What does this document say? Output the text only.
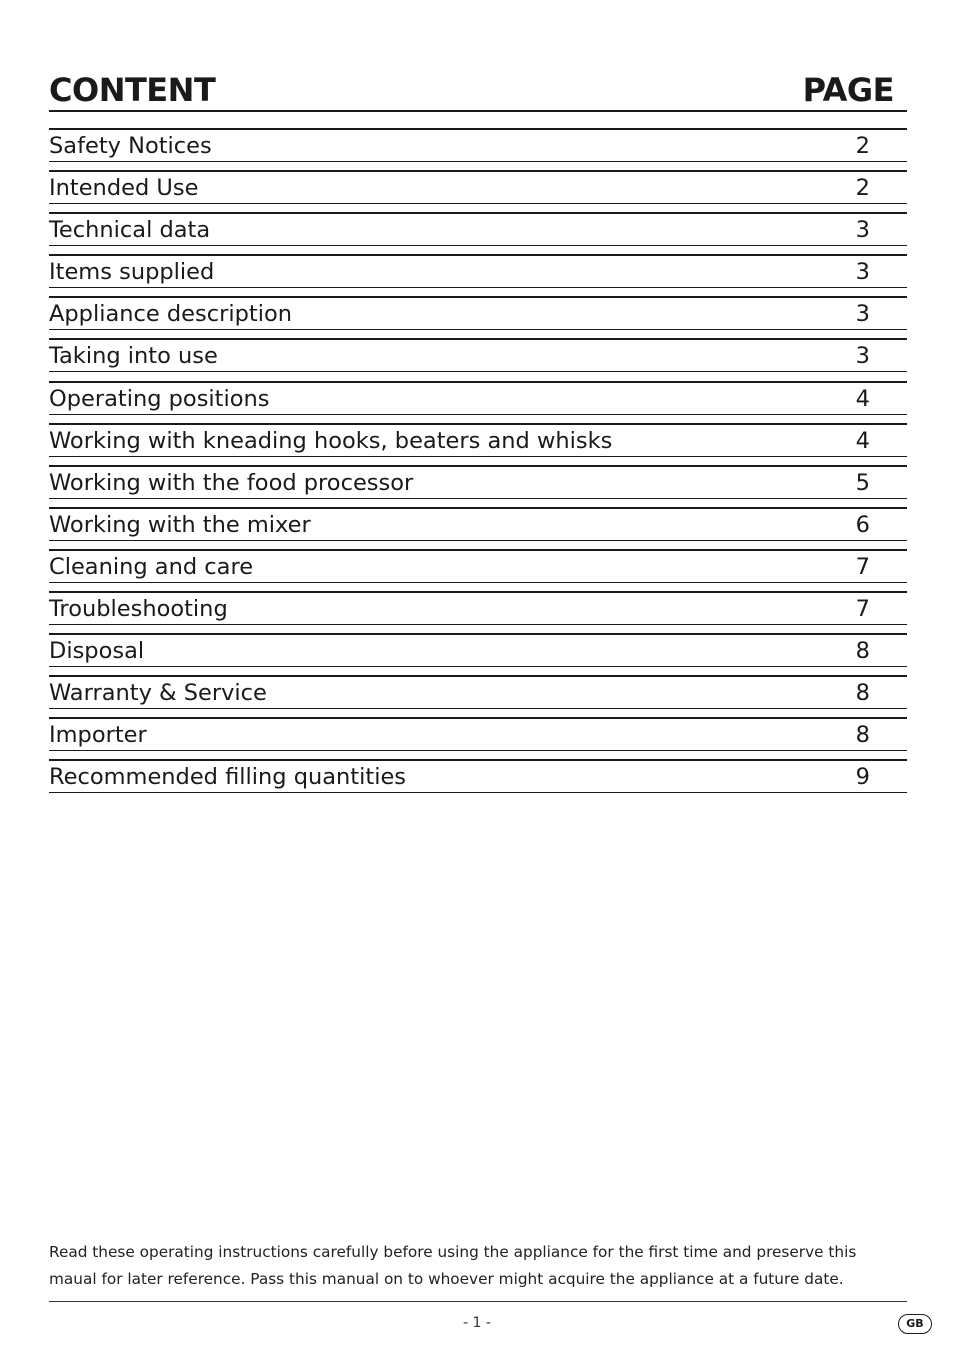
CONTENT	PAGE
Safety Notices	2
Intended Use	2
Technical data	3
Items supplied	3
Appliance description	3
Taking into use	3
Operating positions	4
Working with kneading hooks, beaters and whisks	4
Working with the food processor	5
Working with the mixer	6
Cleaning and care	7
Troubleshooting	7
Disposal	8
Warranty & Service	8
Importer	8
Recommended filling quantities	9
Read these operating instructions carefully before using the appliance for the first time and preserve this
maual for later reference. Pass this manual on to whoever might acquire the appliance at a future date.
- 1 -	GB
